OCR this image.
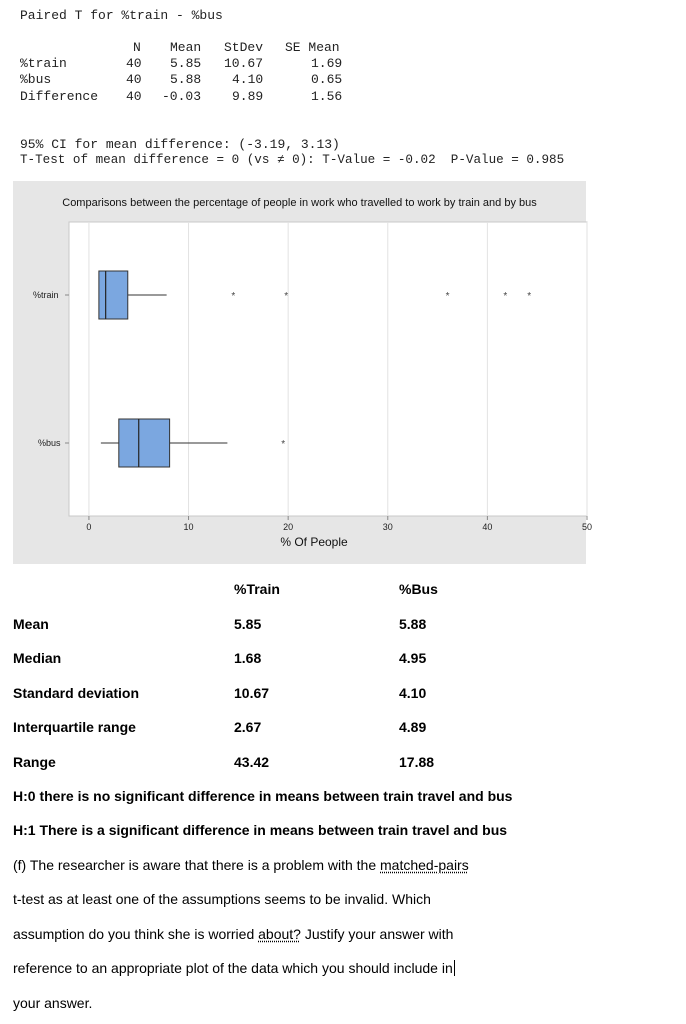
Paired T for %train - %bus
N Mean StDev SE Mean
%train	40 5.85 10.67	1.69
%bus	40 5.88 4.10	0.65
Difference 40 -0.03 9.89	1.56
95% CI for mean difference: (-3.19, 3.13)
T-Test of mean difference = 0 (vs ≠ 0): T-Value = -0.02  P-Value = 0.985
Comparisons between the percentage of people in work who travelled to work by train and by bus
0	10	20	30	40	50
*	*	*	* *
*
%train
%bus
% Of People
%Train	%Bus
Mean	5.85	5.88
Median	1.68	4.95
Standard deviation	10.67	4.10
Interquartile range	2.67	4.89
Range	43.42	17.88
H:0 there is no significant difference in means between train travel and bus
H:1 There is a significant difference in means between train travel and bus
(f) The researcher is aware that there is a problem with the matched-pairs
t-test as at least one of the assumptions seems to be invalid. Which
assumption do you think she is worried about? Justify your answer with
reference to an appropriate plot of the data which you should include in
your answer.
